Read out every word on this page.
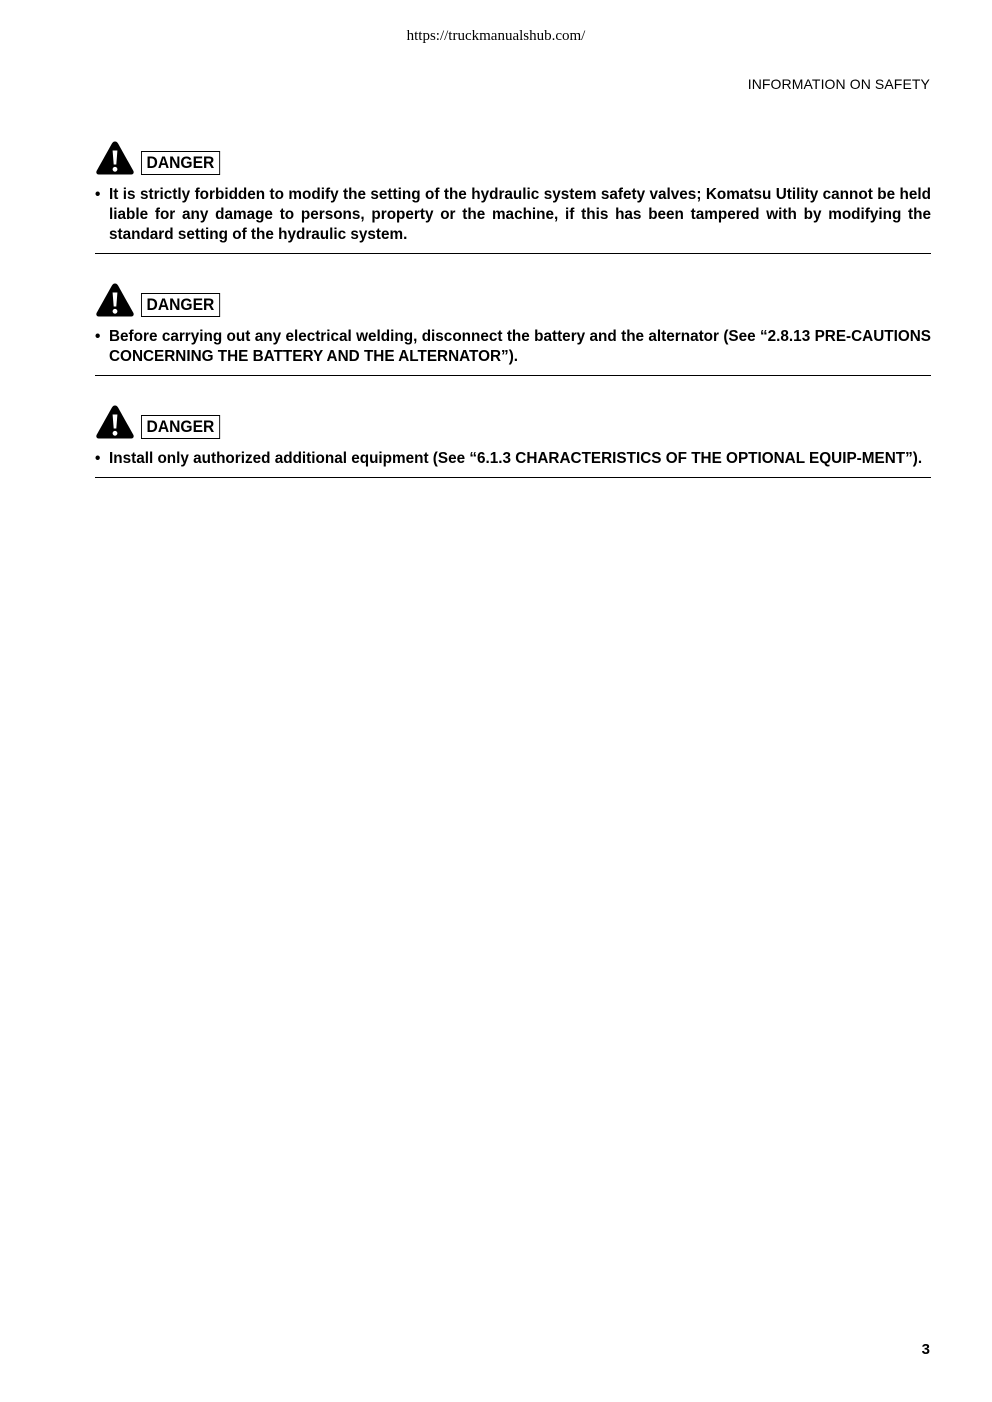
https://truckmanualshub.com/
INFORMATION ON SAFETY
DANGER
• It is strictly forbidden to modify the setting of the hydraulic system safety valves; Komatsu Utility cannot be held liable for any damage to persons, property or the machine, if this has been tampered with by modifying the standard setting of the hydraulic system.
DANGER
• Before carrying out any electrical welding, disconnect the battery and the alternator (See “2.8.13 PRE-CAUTIONS CONCERNING THE BATTERY AND THE ALTERNATOR”).
DANGER
• Install only authorized additional equipment (See “6.1.3 CHARACTERISTICS OF THE OPTIONAL EQUIP-MENT”).
3
